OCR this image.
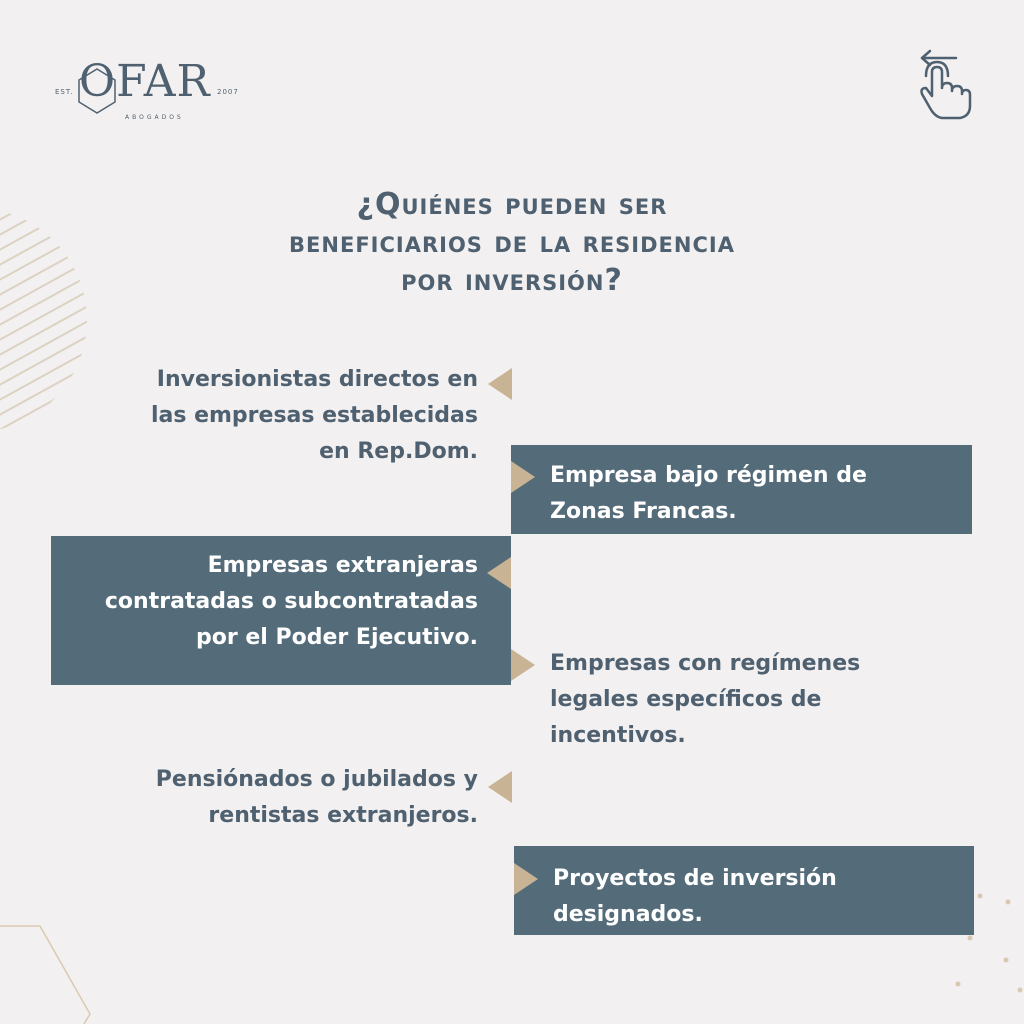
EST. OFAR 2007
ABOGADOS
¿Quiénes pueden ser
beneficiarios de la residencia
por inversión?
Inversionistas directos en
las empresas establecidas
en Rep.Dom.
Empresa bajo régimen de
Zonas Francas.
Empresas extranjeras
contratadas o subcontratadas
por el Poder Ejecutivo.
Empresas con regímenes
legales específicos de
incentivos.
Pensiónados o jubilados y
rentistas extranjeros.
Proyectos de inversión
designados.
